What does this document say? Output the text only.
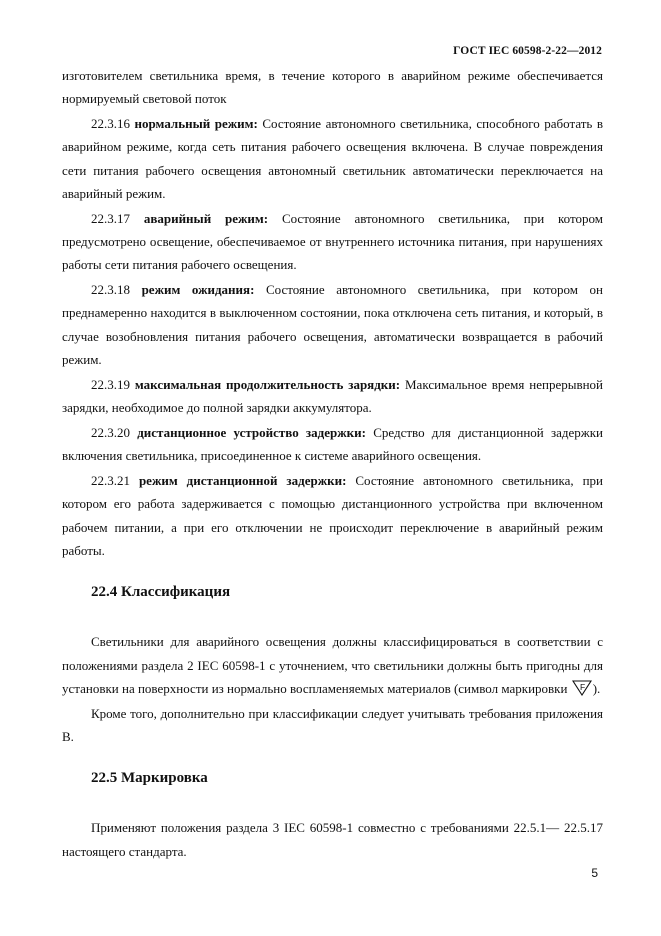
ГОСТ IEC 60598-2-22—2012

изготовителем светильника время, в течение которого в аварийном режиме обеспечивается нормируемый световой поток

22.3.16 нормальный режим: Состояние автономного светильника, способного работать в аварийном режиме, когда сеть питания рабочего освещения включена. В случае повреждения сети питания рабочего освещения автономный светильник автоматически переключается на аварийный режим.

22.3.17 аварийный режим: Состояние автономного светильника, при котором предусмотрено освещение, обеспечиваемое от внутреннего источника питания, при нарушениях работы сети питания рабочего освещения.

22.3.18 режим ожидания: Состояние автономного светильника, при котором он преднамеренно находится в выключенном состоянии, пока отключена сеть питания, и который, в случае возобновления питания рабочего освещения, автоматически возвращается в рабочий режим.

22.3.19 максимальная продолжительность зарядки: Максимальное время непрерывной зарядки, необходимое до полной зарядки аккумулятора.

22.3.20 дистанционное устройство задержки: Средство для дистанционной задержки включения светильника, присоединенное к системе аварийного освещения.

22.3.21 режим дистанционной задержки: Состояние автономного светильника, при котором его работа задерживается с помощью дистанционного устройства при включенном рабочем питании, а при его отключении не происходит переключение в аварийный режим работы.

22.4 Классификация

Светильники для аварийного освещения должны классифицироваться в соответствии с положениями раздела 2 IEC 60598-1 с уточнением, что светильники должны быть пригодны для установки на поверхности из нормально воспламеняемых материалов (символ маркировки F ).

Кроме того, дополнительно при классификации следует учитывать требования приложения В.

22.5 Маркировка

Применяют положения раздела 3 IEC 60598-1 совместно с требованиями 22.5.1— 22.5.17 настоящего стандарта.

5
